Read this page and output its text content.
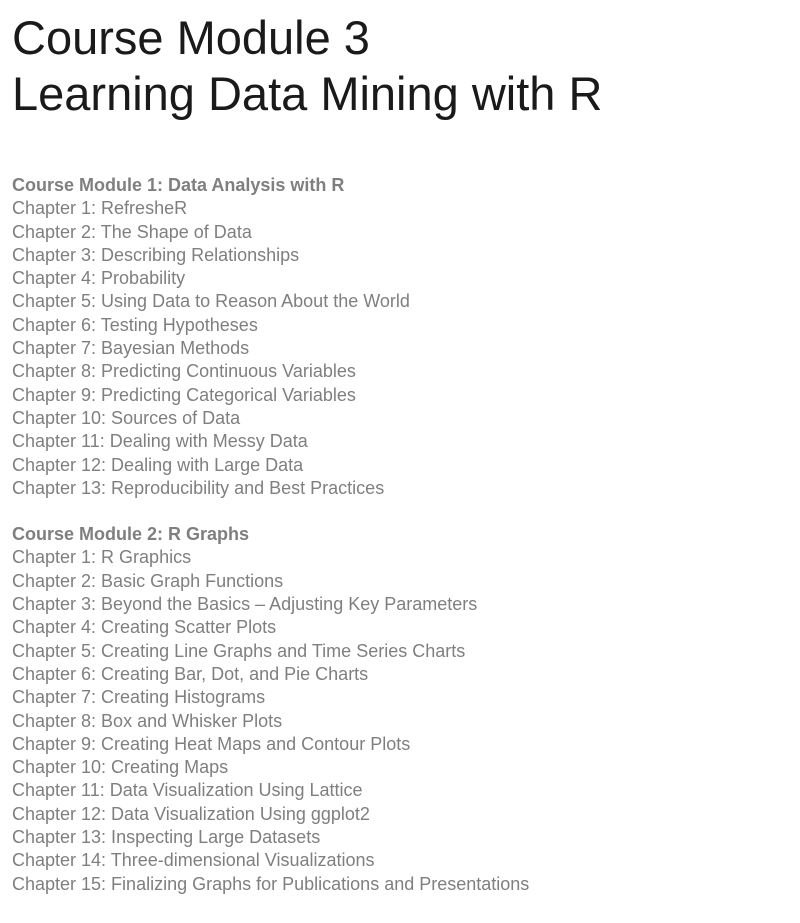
Course Module 3
Learning Data Mining with R
Course Module 1: Data Analysis with R
Chapter 1: RefresheR
Chapter 2: The Shape of Data
Chapter 3: Describing Relationships
Chapter 4: Probability
Chapter 5: Using Data to Reason About the World
Chapter 6: Testing Hypotheses
Chapter 7: Bayesian Methods
Chapter 8: Predicting Continuous Variables
Chapter 9: Predicting Categorical Variables
Chapter 10: Sources of Data
Chapter 11: Dealing with Messy Data
Chapter 12: Dealing with Large Data
Chapter 13: Reproducibility and Best Practices
Course Module 2: R Graphs
Chapter 1: R Graphics
Chapter 2: Basic Graph Functions
Chapter 3: Beyond the Basics – Adjusting Key Parameters
Chapter 4: Creating Scatter Plots
Chapter 5: Creating Line Graphs and Time Series Charts
Chapter 6: Creating Bar, Dot, and Pie Charts
Chapter 7: Creating Histograms
Chapter 8: Box and Whisker Plots
Chapter 9: Creating Heat Maps and Contour Plots
Chapter 10: Creating Maps
Chapter 11: Data Visualization Using Lattice
Chapter 12: Data Visualization Using ggplot2
Chapter 13: Inspecting Large Datasets
Chapter 14: Three-dimensional Visualizations
Chapter 15: Finalizing Graphs for Publications and Presentations
